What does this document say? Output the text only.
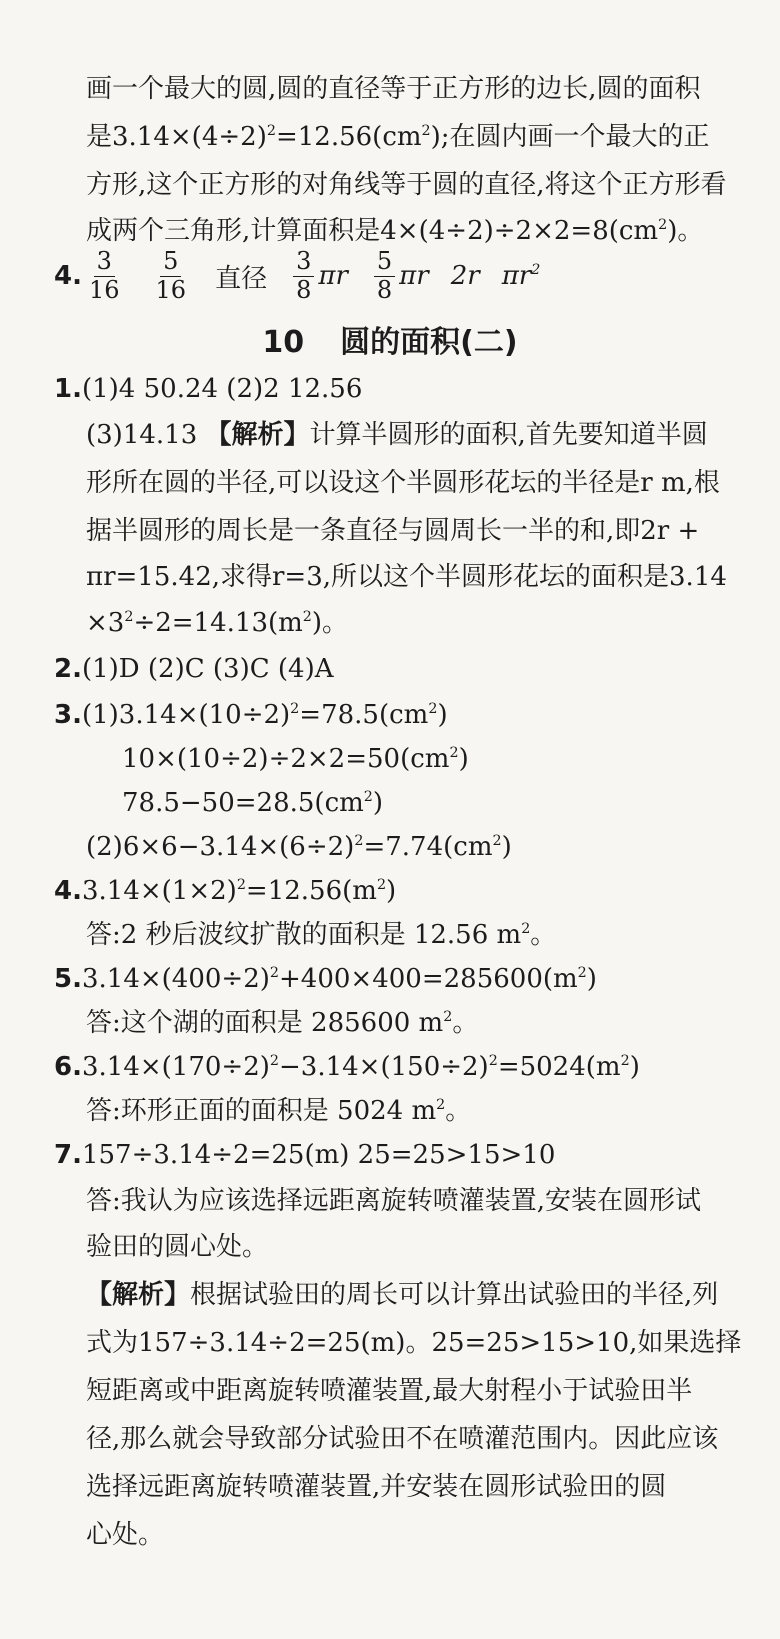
画一个最大的圆,圆的直径等于正方形的边长,圆的面积
是$3.14\times(4\div 2)^2=12.56(cm^2)$;在圆内画一个最大的正
方形,这个正方形的对角线等于圆的直径,将这个正方形看
成两个三角形,计算面积是$4\times(4\div 2)\div 2\times 2=8(cm^2)$。
4. $\frac{3}{16} \frac{5}{16}$ 直径 $\frac{3}{8}$ πr $\frac{5}{8}$ πr 2r $\pi r^2$
10 圆的面积(二)
1.(1)4 50.24 (2)2 12.56
(3)14.13 【解析】计算半圆形的面积,首先要知道半圆
形所在圆的半径,可以设这个半圆形花坛的半径是r m,根
据半圆形的周长是一条直径与圆周长一半的和,即2r +
πr=15.42,求得r=3,所以这个半圆形花坛的面积是3.14
$\times 3^2\div 2=14.13(m^2)$。
2.(1)D (2)C (3)C (4)A
$3.(1)3.14\times(10\div 2)^2=78.5(cm^2)$
$10\times(10\div 2)\div 2\times 2=50(cm^2)$
$78.5-50=28.5(cm^2)$
$(2)6\times 6-3.14\times(6\div 2)^2=7.74(cm^2)$
$4.3.14\times(1\times 2)^2=12.56(m^2)$
答:2 秒后波纹扩散的面积是 12.56 $m^2$。
$5.3.14\times(400\div 2)^2+400\times 400=285600(m^2)$
答:这个湖的面积是 285600 $m^2$。
$6.3.14\times(170\div 2)^2-3.14\times(150\div 2)^2=5024(m^2)$
答:环形正面的面积是 5024 $m^2$。
7.157÷3.14÷2=25(m) 25=25>15>10
答:我认为应该选择远距离旋转喷灌装置,安装在圆形试
验田的圆心处。
【解析】根据试验田的周长可以计算出试验田的半径,列
式为157÷3.14÷2=25(m)。25=25>15>10,如果选择
短距离或中距离旋转喷灌装置,最大射程小于试验田半
径,那么就会导致部分试验田不在喷灌范围内。因此应该
选择远距离旋转喷灌装置,并安装在圆形试验田的圆
心处。
